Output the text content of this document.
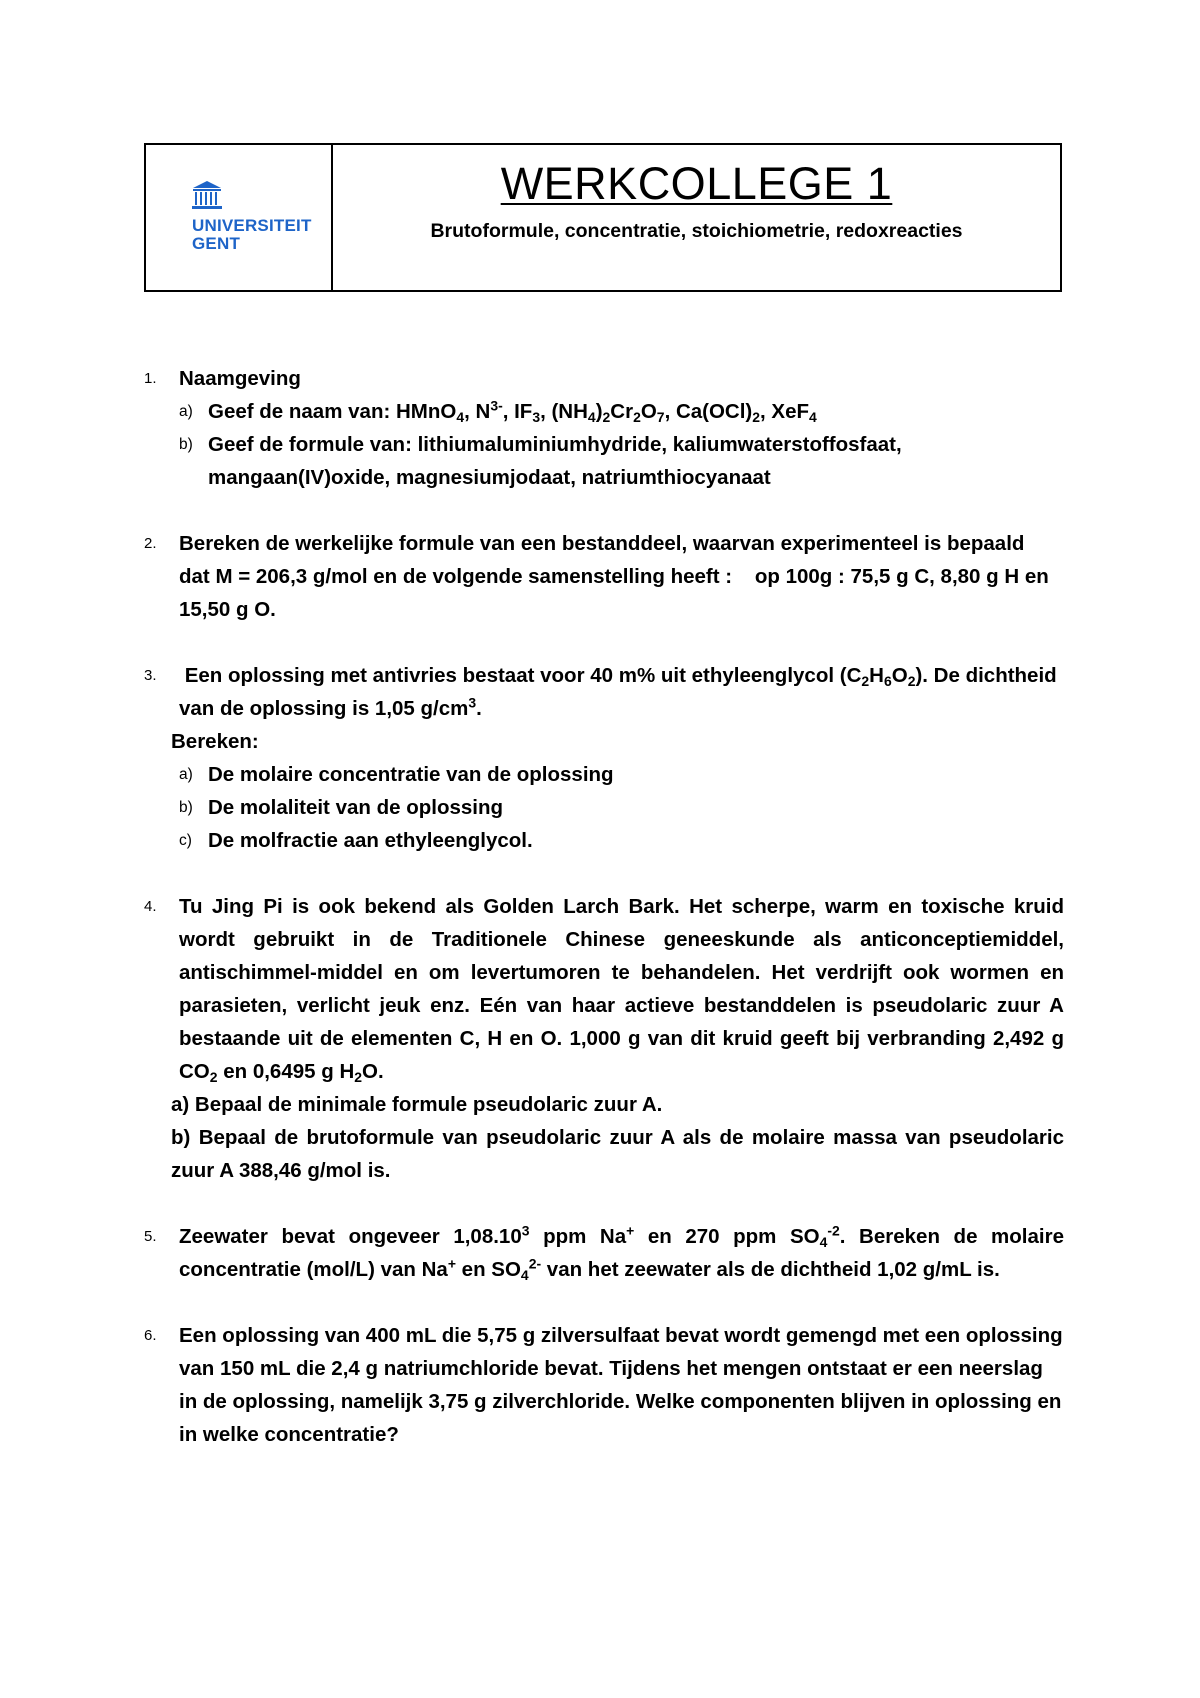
UNIVERSITEIT
GENT
WERKCOLLEGE 1
Brutoformule, concentratie, stoichiometrie, redoxreacties
1. Naamgeving
a) Geef de naam van: HMnO$_4$, $N^{3-}$, $IF_3$, $(NH_4)_2Cr_2O_7$, $Ca(OCl)_2$, XeF$_4$
b) Geef de formule van: lithiumaluminiumhydride, kaliumwaterstoffosfaat,
mangaan(IV)oxide, magnesiumjodaat, natriumthiocyanaat
2. Bereken de werkelijke formule van een bestanddeel, waarvan experimenteel is bepaald
dat M = 206,3 g/mol en de volgende samenstelling heeft :    op 100g : 75,5 g C, 8,80 g H en
15,50 g O.
3. Een oplossing met antivries bestaat voor 40 m% uit ethyleenglycol $(C_2H_6O_2)$. De dichtheid
van de oplossing is 1,05 $g/cm^3$.
Bereken:
a) De molaire concentratie van de oplossing
b) De molaliteit van de oplossing
c) De molfractie aan ethyleenglycol.
4. Tu Jing Pi is ook bekend als Golden Larch Bark. Het scherpe, warm en toxische kruid wordt gebruikt in de Traditionele Chinese geneeskunde als anticonceptiemiddel, antischimmel-middel en om levertumoren te behandelen. Het verdrijft ook wormen en parasieten, verlicht jeuk enz. Eén van haar actieve bestanddelen is pseudolaric zuur A bestaande uit de elementen C, H en O. 1,000 g van dit kruid geeft bij verbranding 2,492 g $CO_2$ en 0,6495 g $H_2O$.
a) Bepaal de minimale formule pseudolaric zuur A.
b) Bepaal de brutoformule van pseudolaric zuur A als de molaire massa van pseudolaric zuur A 388,46 g/mol is.
5. Zeewater bevat ongeveer 1,08.10$^3$ ppm Na+ en 270 ppm $SO_4^{-2}$. Bereken de molaire concentratie (mol/L) van Na+ en $SO_4^{2-}$ van het zeewater als de dichtheid 1,02 g/mL is.
6. Een oplossing van 400 mL die 5,75 g zilversulfaat bevat wordt gemengd met een oplossing van 150 mL die 2,4 g natriumchloride bevat. Tijdens het mengen ontstaat er een neerslag in de oplossing, namelijk 3,75 g zilverchloride. Welke componenten blijven in oplossing en in welke concentratie?
